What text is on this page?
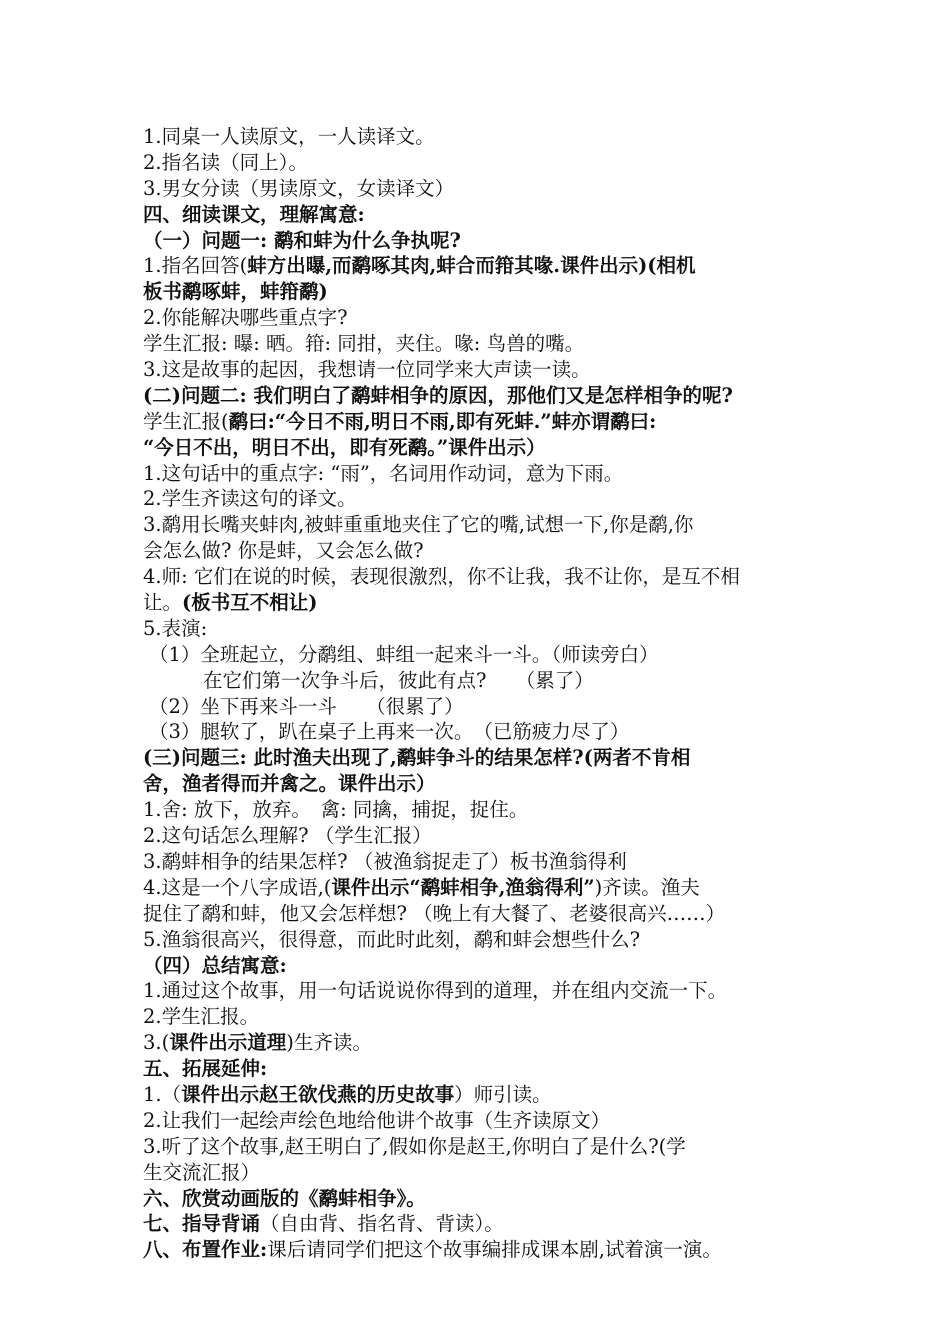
1.同桌一人读原文，一人读译文。
2.指名读（同上）。
3.男女分读（男读原文，女读译文）
四、细读课文，理解寓意:
（一）问题一: 鹬和蚌为什么争执呢?
1.指名回答(蚌方出曝,而鹬啄其肉,蚌合而箝其喙.课件出示)(相机
板书鹬啄蚌，蚌箝鹬)
2.你能解决哪些重点字?
学生汇报: 曝: 晒。箝: 同拑，夹住。喙: 鸟兽的嘴。
3.这是故事的起因，我想请一位同学来大声读一读。
(二)问题二: 我们明白了鹬蚌相争的原因，那他们又是怎样相争的呢?
学生汇报(鹬曰:“今日不雨,明日不雨,即有死蚌.”蚌亦谓鹬曰:
“今日不出，明日不出，即有死鹬。”课件出示）
1.这句话中的重点字: “雨”，名词用作动词，意为下雨。
2.学生齐读这句的译文。
3.鹬用长嘴夹蚌肉,被蚌重重地夹住了它的嘴,试想一下,你是鹬,你
会怎么做? 你是蚌，又会怎么做?
4.师: 它们在说的时候，表现很激烈，你不让我，我不让你，是互不相
让。(板书互不相让)
5.表演:
（1）全班起立，分鹬组、蚌组一起来斗一斗。（师读旁白）
在它们第一次争斗后，彼此有点?　　（累了）
（2）坐下再来斗一斗　　（很累了）
（3）腿软了，趴在桌子上再来一次。　（已筋疲力尽了）
(三)问题三: 此时渔夫出现了,鹬蚌争斗的结果怎样?(两者不肯相
舍，渔者得而并禽之。课件出示）
1.舍: 放下，放弃。　禽: 同擒，捕捉，捉住。
2.这句话怎么理解? （学生汇报）
3.鹬蚌相争的结果怎样? （被渔翁捉走了）板书渔翁得利
4.这是一个八字成语,(课件出示“鹬蚌相争,渔翁得利”)齐读。渔夫
捉住了鹬和蚌，他又会怎样想? （晚上有大餐了、老婆很高兴……）
5.渔翁很高兴，很得意，而此时此刻，鹬和蚌会想些什么?
（四）总结寓意:
1.通过这个故事，用一句话说说你得到的道理，并在组内交流一下。
2.学生汇报。
3.(课件出示道理)生齐读。
五、拓展延伸:
1.（课件出示赵王欲伐燕的历史故事）师引读。
2.让我们一起绘声绘色地给他讲个故事（生齐读原文）
3.听了这个故事,赵王明白了,假如你是赵王,你明白了是什么?(学
生交流汇报）
六、欣赏动画版的《鹬蚌相争》。
七、指导背诵（自由背、指名背、背读）。
八、布置作业:课后请同学们把这个故事编排成课本剧,试着演一演。
